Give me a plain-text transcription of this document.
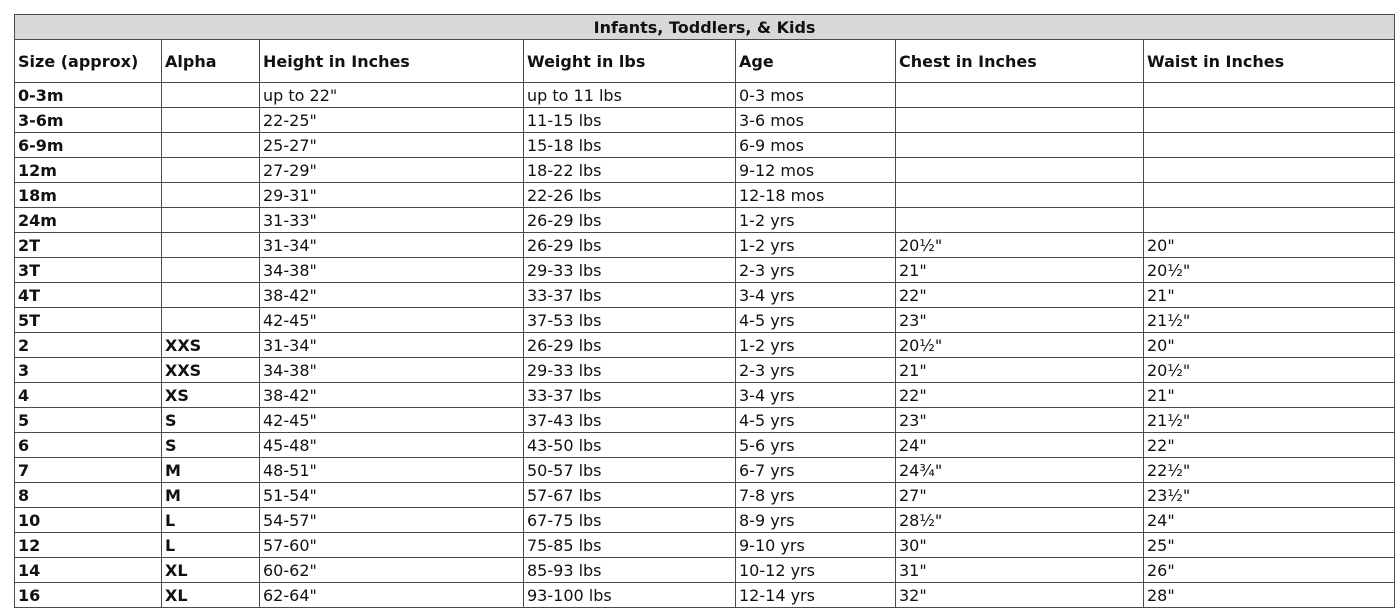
Infants, Toddlers, & Kids						
Size (approx)	Alpha	Height in Inches	Weight in lbs	Age	Chest in Inches	Waist in Inches
0-3m		up to 22"	up to 11 lbs	0-3 mos		
3-6m		22-25"	11-15 lbs	3-6 mos		
6-9m		25-27"	15-18 lbs	6-9 mos		
12m		27-29"	18-22 lbs	9-12 mos		
18m		29-31"	22-26 lbs	12-18 mos		
24m		31-33"	26-29 lbs	1-2 yrs		
2T		31-34"	26-29 lbs	1-2 yrs	20½"	20"
3T		34-38"	29-33 lbs	2-3 yrs	21"	20½"
4T		38-42"	33-37 lbs	3-4 yrs	22"	21"
5T		42-45"	37-53 lbs	4-5 yrs	23"	21½"
2	XXS	31-34"	26-29 lbs	1-2 yrs	20½"	20"
3	XXS	34-38"	29-33 lbs	2-3 yrs	21"	20½"
4	XS	38-42"	33-37 lbs	3-4 yrs	22"	21"
5	S	42-45"	37-43 lbs	4-5 yrs	23"	21½"
6	S	45-48"	43-50 lbs	5-6 yrs	24"	22"
7	M	48-51"	50-57 lbs	6-7 yrs	24¾"	22½"
8	M	51-54"	57-67 lbs	7-8 yrs	27"	23½"
10	L	54-57"	67-75 lbs	8-9 yrs	28½"	24"
12	L	57-60"	75-85 lbs	9-10 yrs	30"	25"
14	XL	60-62"	85-93 lbs	10-12 yrs	31"	26"
16	XL	62-64"	93-100 lbs	12-14 yrs	32"	28"
